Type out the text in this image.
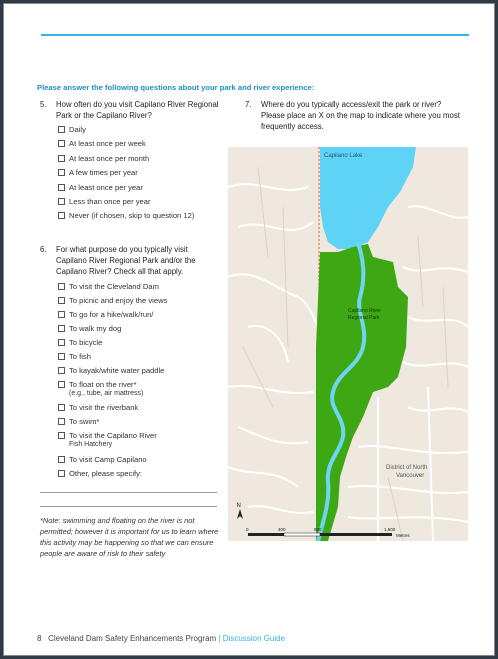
Please answer the following questions about your park and river experience:
5. How often do you visit Capilano River Regional Park or the Capilano River?
Daily
At least once per week
At least once per month
A few times per year
At least once per year
Less than once per year
Never (if chosen, skip to question 12)
6. For what purpose do you typically visit Capilano River Regional Park and/or the Capilano River? Check all that apply.
To visit the Cleveland Dam
To picnic and enjoy the views
To go for a hike/walk/run/
To walk my dog
To bicycle
To fish
To kayak/white water paddle
To float on the river*
(e.g., tube, air mattress)
To visit the riverbank
To swim*
To visit the Capilano River
Fish Hatchery
To visit Camp Capilano
Other, please specify:
*Note: swimming and floating on the river is not permitted; however it is important for us to learn where this activity may be happening so that we can ensure people are aware of risk to their safety
7. Where do you typically access/exit the park or river? Please place an X on the map to indicate where you most frequently access.
Capilano Lake
Capilano River
Regional Park
District of North
Vancouver
N
0	400	800	1,600
Metres
8 Cleveland Dam Safety Enhancements Program | Discussion Guide
